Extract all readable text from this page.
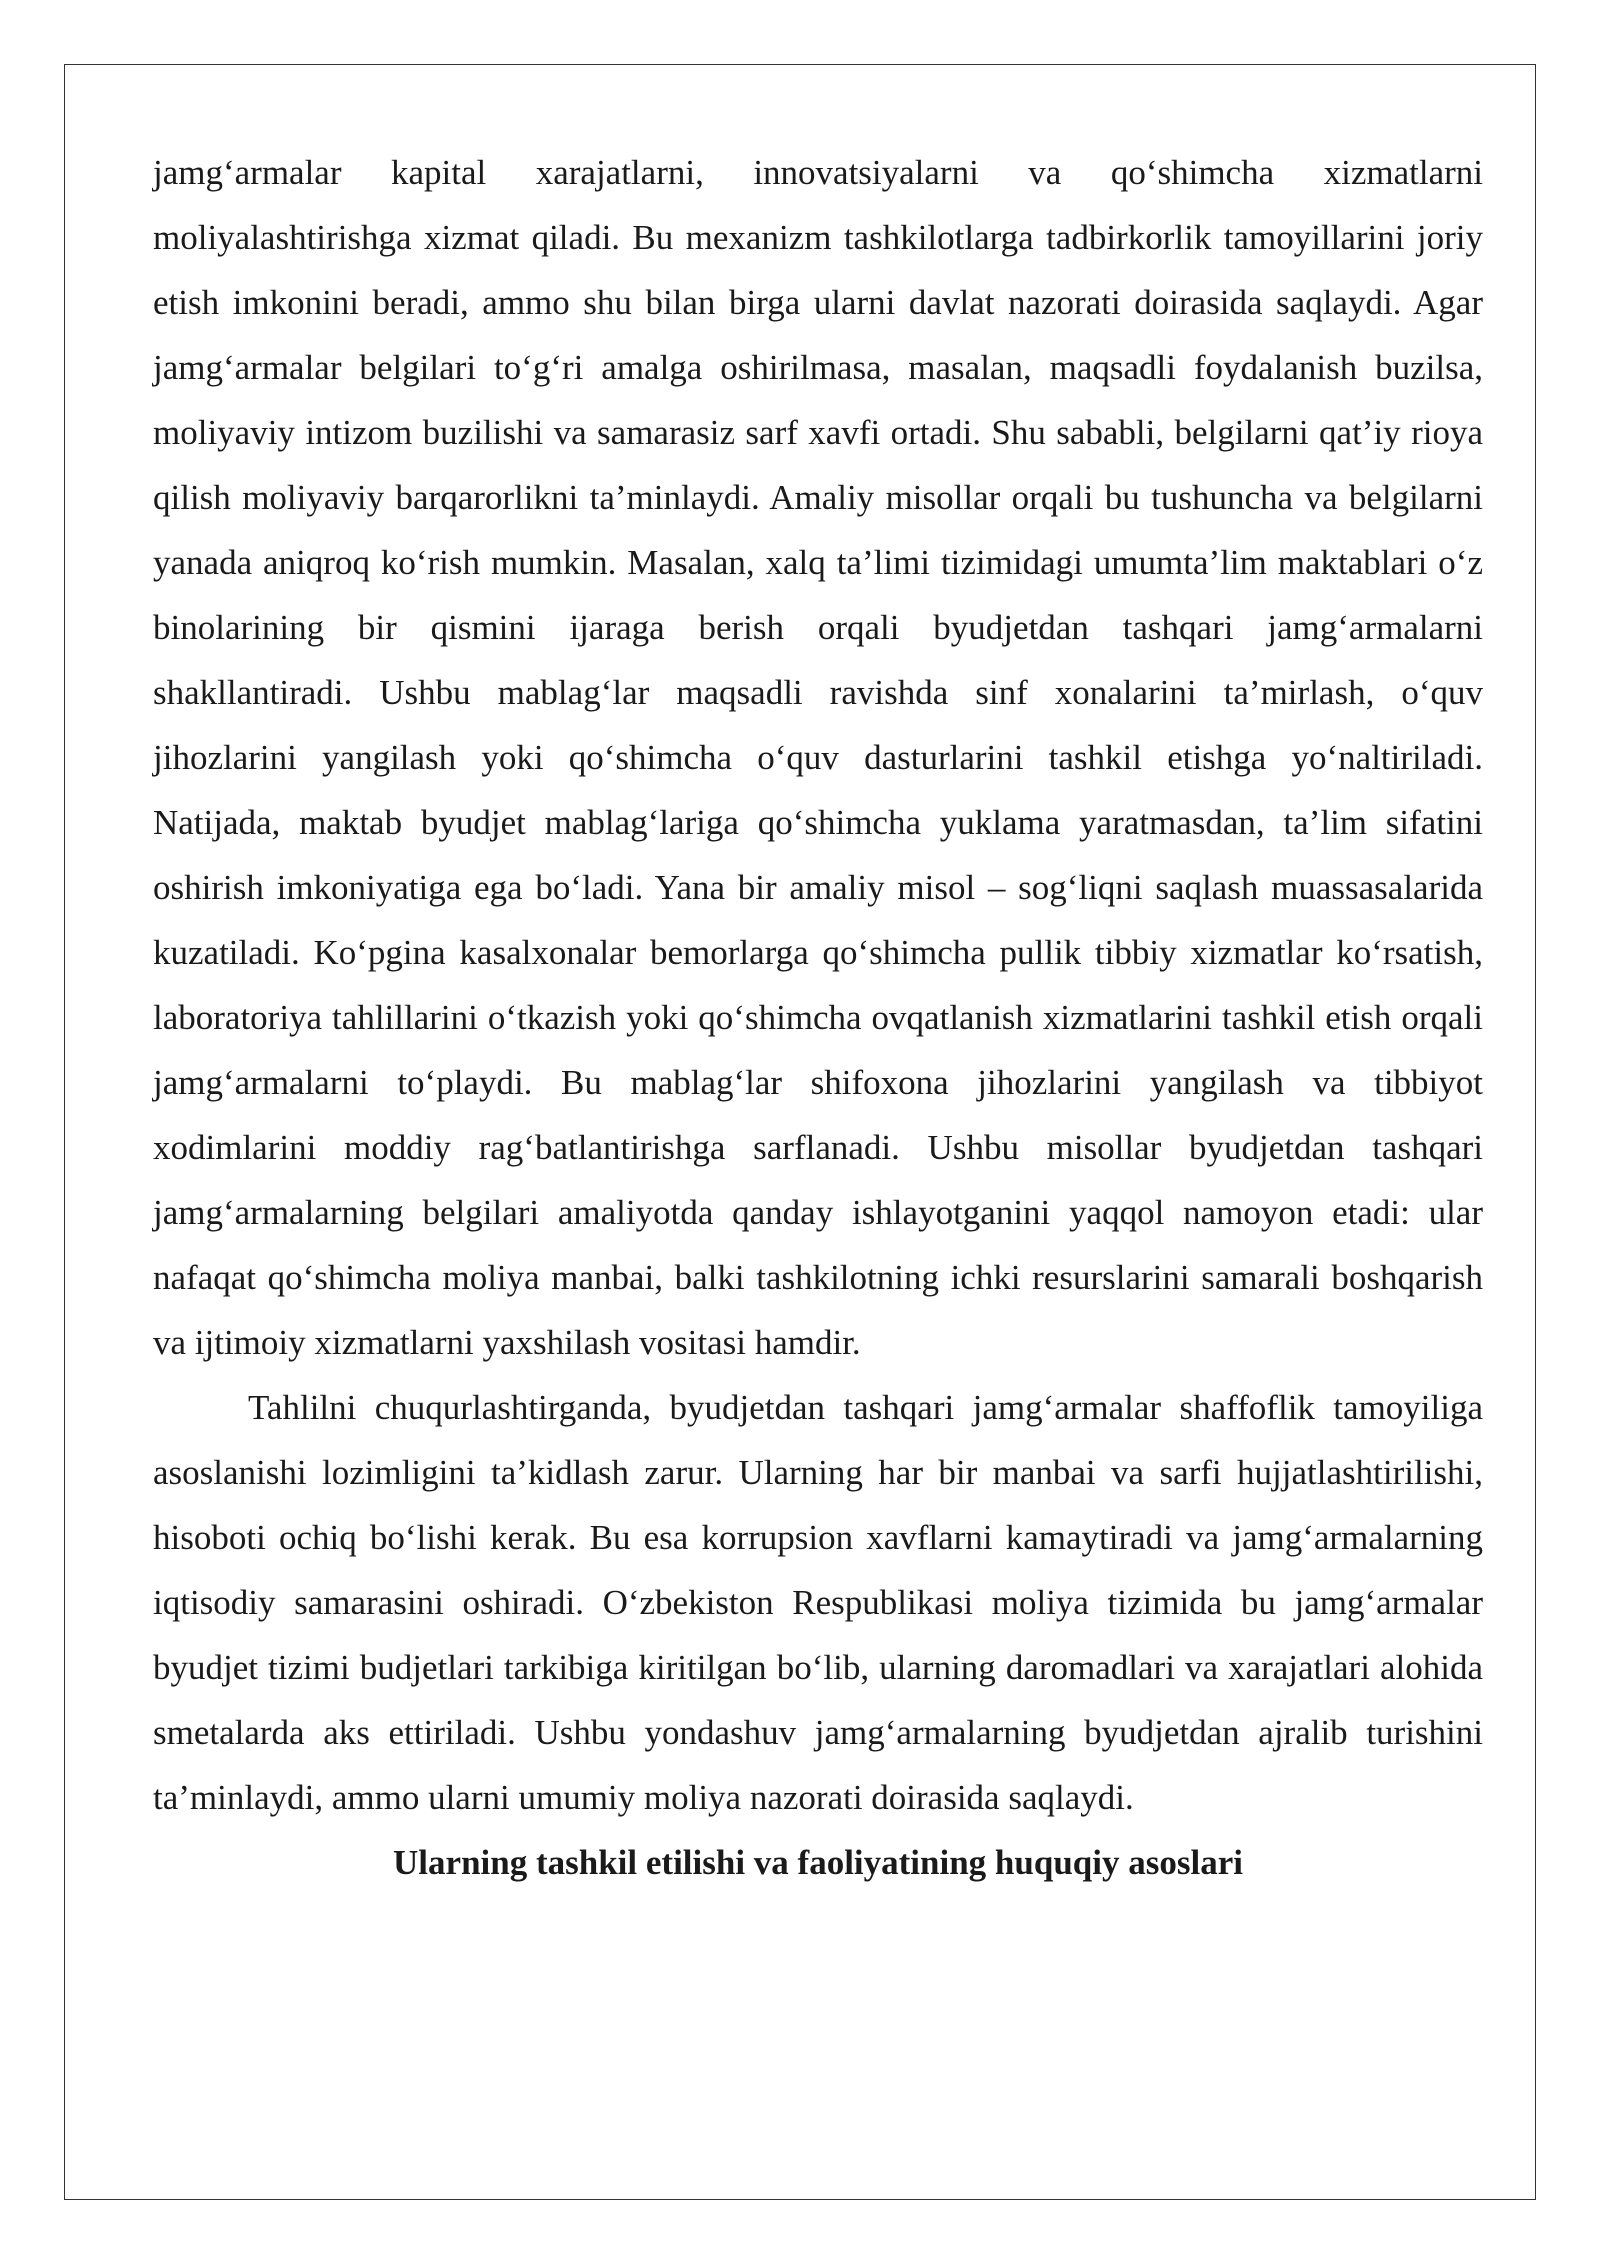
jamg‘armalar kapital xarajatlarni, innovatsiyalarni va qo‘shimcha xizmatlarni moliyalashtirishga xizmat qiladi. Bu mexanizm tashkilotlarga tadbirkorlik tamoyillarini joriy etish imkonini beradi, ammo shu bilan birga ularni davlat nazorati doirasida saqlaydi. Agar jamg‘armalar belgilari to‘g‘ri amalga oshirilmasa, masalan, maqsadli foydalanish buzilsa, moliyaviy intizom buzilishi va samarasiz sarf xavfi ortadi. Shu sababli, belgilarni qat’iy rioya qilish moliyaviy barqarorlikni ta’minlaydi. Amaliy misollar orqali bu tushuncha va belgilarni yanada aniqroq ko‘rish mumkin. Masalan, xalq ta’limi tizimidagi umumta’lim maktablari o‘z binolarining bir qismini ijaraga berish orqali byudjetdan tashqari jamg‘armalarni shakllantiradi. Ushbu mablag‘lar maqsadli ravishda sinf xonalarini ta’mirlash, o‘quv jihozlarini yangilash yoki qo‘shimcha o‘quv dasturlarini tashkil etishga yo‘naltiriladi. Natijada, maktab byudjet mablag‘lariga qo‘shimcha yuklama yaratmasdan, ta’lim sifatini oshirish imkoniyatiga ega bo‘ladi. Yana bir amaliy misol – sog‘liqni saqlash muassasalarida kuzatiladi. Ko‘pgina kasalxonalar bemorlarga qo‘shimcha pullik tibbiy xizmatlar ko‘rsatish, laboratoriya tahlillarini o‘tkazish yoki qo‘shimcha ovqatlanish xizmatlarini tashkil etish orqali jamg‘armalarni to‘playdi. Bu mablag‘lar shifoxona jihozlarini yangilash va tibbiyot xodimlarini moddiy rag‘batlantirishga sarflanadi. Ushbu misollar byudjetdan tashqari jamg‘armalarning belgilari amaliyotda qanday ishlayotganini yaqqol namoyon etadi: ular nafaqat qo‘shimcha moliya manbai, balki tashkilotning ichki resurslarini samarali boshqarish va ijtimoiy xizmatlarni yaxshilash vositasi hamdir.

Tahlilni chuqurlashtirganda, byudjetdan tashqari jamg‘armalar shaffoflik tamoyiliga asoslanishi lozimligini ta’kidlash zarur. Ularning har bir manbai va sarfi hujjatlashtirilishi, hisoboti ochiq bo‘lishi kerak. Bu esa korrupsion xavflarni kamaytiradi va jamg‘armalarning iqtisodiy samarasini oshiradi. O‘zbekiston Respublikasi moliya tizimida bu jamg‘armalar byudjet tizimi budjetlari tarkibiga kiritilgan bo‘lib, ularning daromadlari va xarajatlari alohida smetalarda aks ettiriladi. Ushbu yondashuv jamg‘armalarning byudjetdan ajralib turishini ta’minlaydi, ammo ularni umumiy moliya nazorati doirasida saqlaydi.

Ularning tashkil etilishi va faoliyatining huquqiy asoslari
